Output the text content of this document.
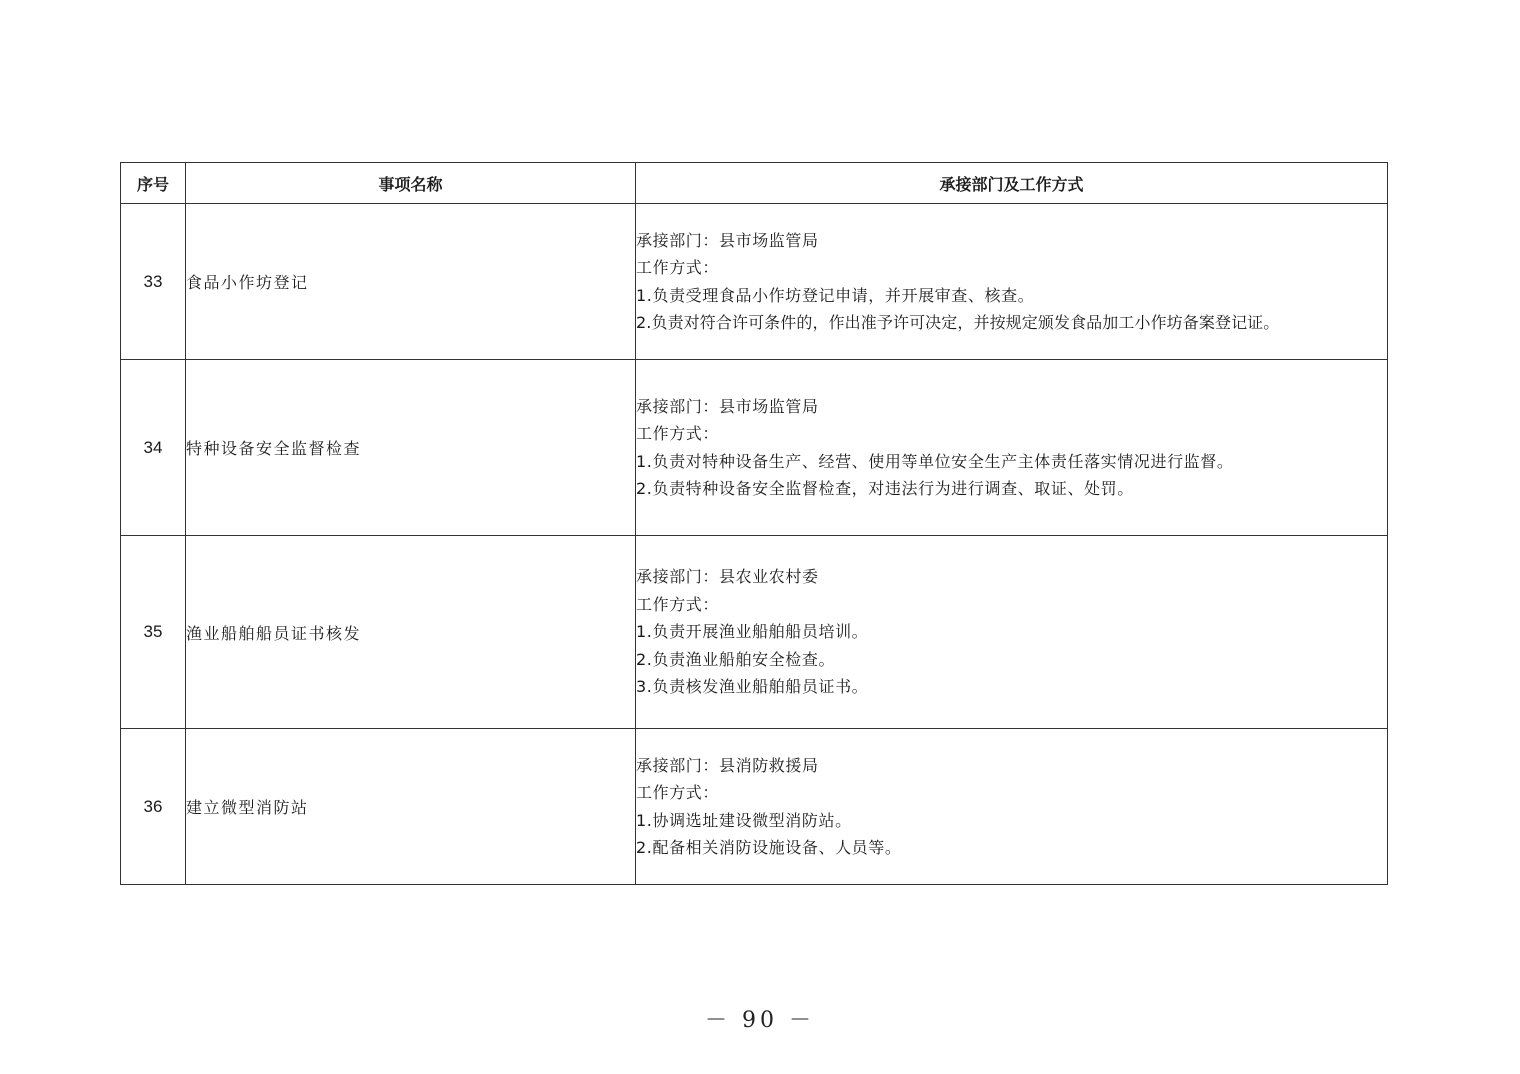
序号	事项名称	承接部门及工作方式
33	食品小作坊登记	承接部门：县市场监管局
工作方式：
1.负责受理食品小作坊登记申请，并开展审查、核查。
2.负责对符合许可条件的，作出准予许可决定，并按规定颁发食品加工小作坊备案登记证。

34	特种设备安全监督检查	承接部门：县市场监管局
工作方式：
1.负责对特种设备生产、经营、使用等单位安全生产主体责任落实情况进行监督。
2.负责特种设备安全监督检查，对违法行为进行调查、取证、处罚。

35	渔业船舶船员证书核发	承接部门：县农业农村委
工作方式：
1.负责开展渔业船舶船员培训。
2.负责渔业船舶安全检查。
3.负责核发渔业船舶船员证书。

36	建立微型消防站	承接部门：县消防救援局
工作方式：
1.协调选址建设微型消防站。
2.配备相关消防设施设备、人员等。
－ 90 －
